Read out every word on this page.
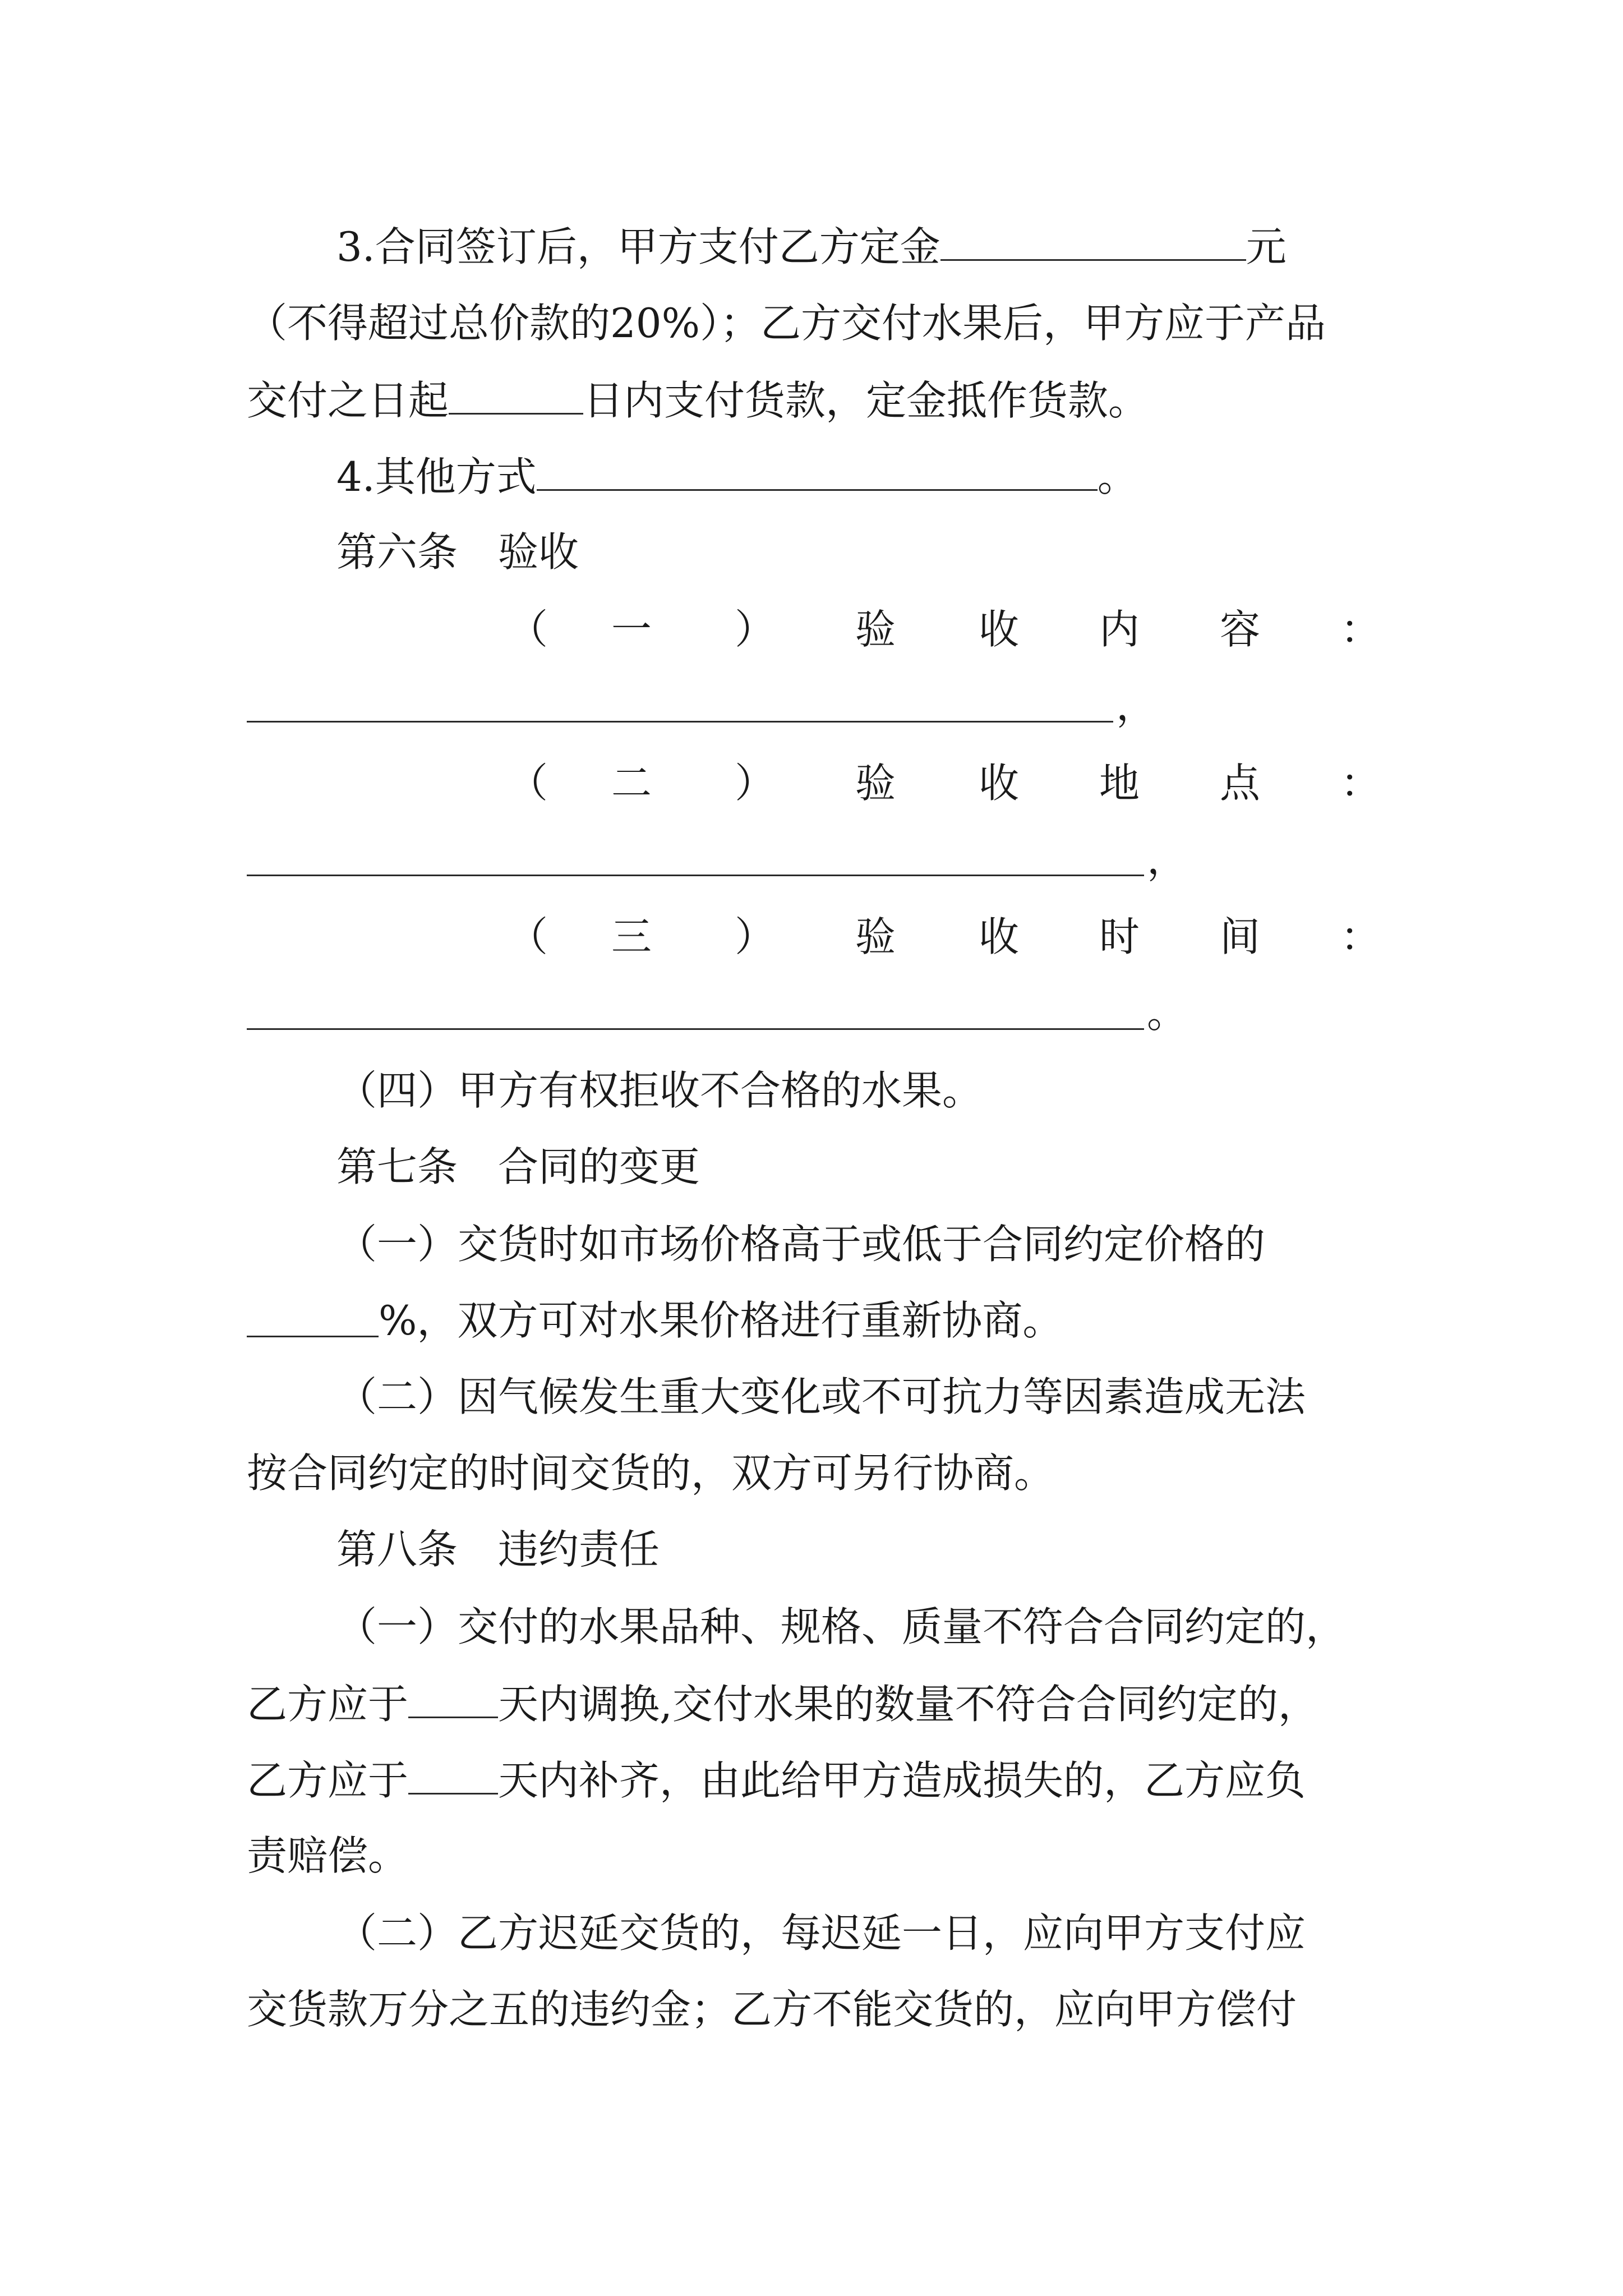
3.合同签订后，甲方支付乙方定金	元
（不得超过总价款的20%）；乙方交付水果后，甲方应于产品
交付之日起	日内支付货款，定金抵作货款。
4.其他方式	。
第六条　验收
（ 一 ） 验 收 内 容 ：
，
（ 二 ） 验 收 地 点 ：
，
（ 三 ） 验 收 时 间 ：
。
（四）甲方有权拒收不合格的水果。
第七条　合同的变更
（一）交货时如市场价格高于或低于合同约定价格的
%，双方可对水果价格进行重新协商。
（二）因气候发生重大变化或不可抗力等因素造成无法
按合同约定的时间交货的，双方可另行协商。
第八条　违约责任
（一）交付的水果品种、规格、质量不符合合同约定的，
乙方应于 天内调换,交付水果的数量不符合合同约定的，
乙方应于 天内补齐，由此给甲方造成损失的，乙方应负
责赔偿。
（二）乙方迟延交货的，每迟延一日，应向甲方支付应
交货款万分之五的违约金；乙方不能交货的，应向甲方偿付
